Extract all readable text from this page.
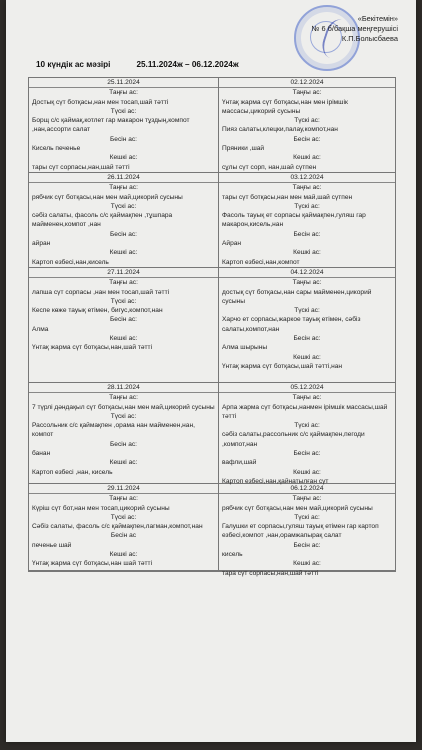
«Бекітемін»
№ 6 б/бақша меңгерушісі
К.П.Болысбаева
10 күндік ас мәзірі	25.11.2024ж – 06.12.2024ж
25.11.2024
Таңғы ас:
Достық сүт ботқасы,нан мен тосап,шай тәтті
Түскі ас:
Борщ с/с қаймақ,котлет гар макарон тұздың,компот ,нан,ассорти салат
Бесін ас:
Кисель печенье
Кешкі ас:
тары сүт сорпасы,нан,шай тәтті
02.12.2024
Таңғы ас:
Үнтақ жарма сүт ботқасы,нан мен ірімшік массасы,цикорий сусыны
Түскі ас:
Пияз салаты,клецки,палау,компот,нан
Бесін ас:
Пряники ,шай
Кешкі ас:
сұлы сүт сорп, нан,шай сүтпен
26.11.2024
Таңғы ас:
рябчик сүт ботқасы,нан мен май,цикорий сусыны
Түскі ас:
сәбіз салаты, фасоль с/с қаймақпен ,тұшпара майменен,компот ,нан
Бесін ас:
айран
Кешкі ас:
Картоп езбесі,нан,кисель
03.12.2024
Таңғы ас:
тары сүт ботқасы,нан мен май,шай сүтпен
Түскі ас:
Фасоль тауық ет сорпасы қаймақпен,гуляш гар макарон,кисель,нан
Бесін ас:
Айран
Кешкі ас:
Картоп езбесі,нан,компот
27.11.2024
Таңғы ас:
лапша сүт сорпасы ,нан мен тосап,шай тәтті
Түскі ас:
Кеспе көже тауық етімен, бигус,компот,нан
Бесін ас:
Алма
Кешкі ас:
Үнтақ жарма сүт ботқасы,нан,шай тәтті
04.12.2024
Таңғы ас:
достық сүт ботқасы,нан сары майменен,цикорий сусыны
Түскі ас:
Харчо ет сорпасы,жаркое тауық етімен, сәбіз салаты,компот,нан
Бесін ас:
Алма шырыны
Кешкі ас:
Үнтақ жарма сүт ботқасы,шай тәтті,нан
28.11.2024
Таңғы ас:
7 түрлі дәндақыл сүт ботқасы,нан мен май,цикорий сусыны
Түскі ас:
Рассольник с/с қаймақпен ,орама нан майменен,нан, компот
Бесін ас:
банан
Кешкі ас:
Картоп езбесі ,нан, кисель
05.12.2024
Таңғы ас:
Арпа жарма сүт ботқасы,нанмен ірімшік массасы,шай тәтті
Түскі ас:
сәбіз салаты,рассольник с/с қаймақпен,пегоди ,компот,нан
Бесін ас:
вафли,шай
Кешкі ас:
Картоп езбесі,нан,қайнатылған сүт
29.11.2024
Таңғы ас:
Күріш сүт бот,нан мен тосап,цикорий сусыны
Түскі ас:
Сәбіз салаты, фасоль с/с қаймақпен,лагман,компот,нан
Бесін ас
печенье шай
Кешкі ас:
Үнтақ жарма сүт ботқасы,нан шай тәтті
06.12.2024
Таңғы ас:
рябчик сүт ботқасы,нан мен май,цикорий сусыны
Түскі ас:
Галушки ет сорпасы,гуляш тауық етімен гар картоп езбесі,компот ,нан,орамжапырақ салат
Бесін ас:
кисель
Кешкі ас:
тара сүт сорпасы,нан,шай тәтті
